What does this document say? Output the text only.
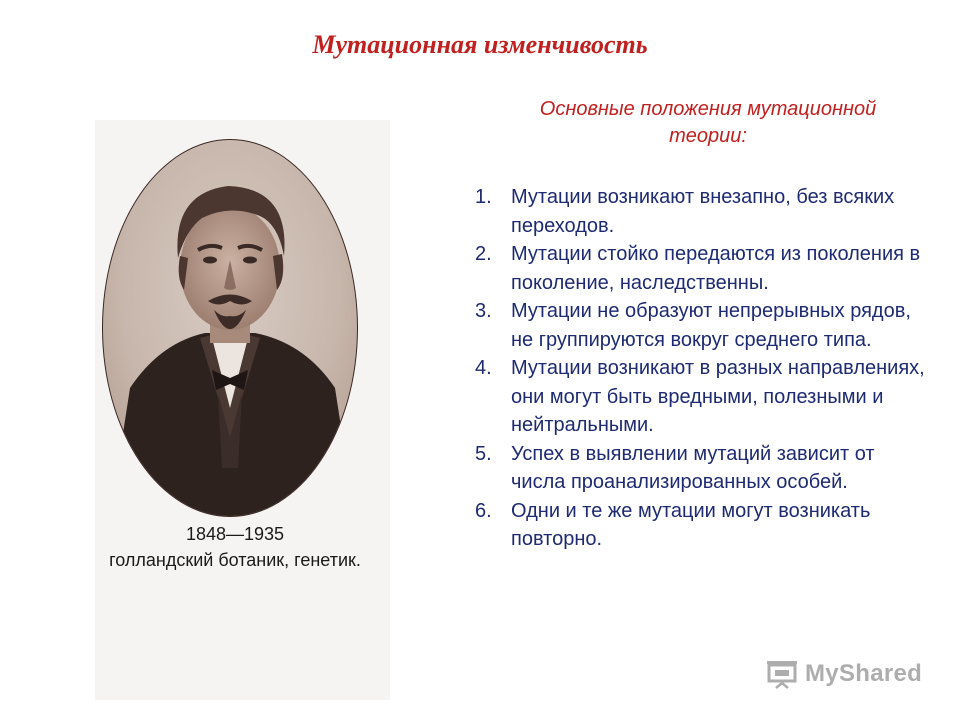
Мутационная изменчивость
Основные положения мутационной
теории:
1848—1935
голландский ботаник, генетик.
1. Мутации возникают внезапно, без всяких переходов.
2. Мутации стойко передаются из поколения в поколение, наследственны.
3. Мутации не образуют непрерывных рядов, не группируются вокруг среднего типа.
4. Мутации возникают в разных направлениях, они могут быть вредными, полезными и нейтральными.
5. Успех в выявлении мутаций зависит от числа проанализированных особей.
6. Одни и те же мутации могут возникать повторно.
MyShared
